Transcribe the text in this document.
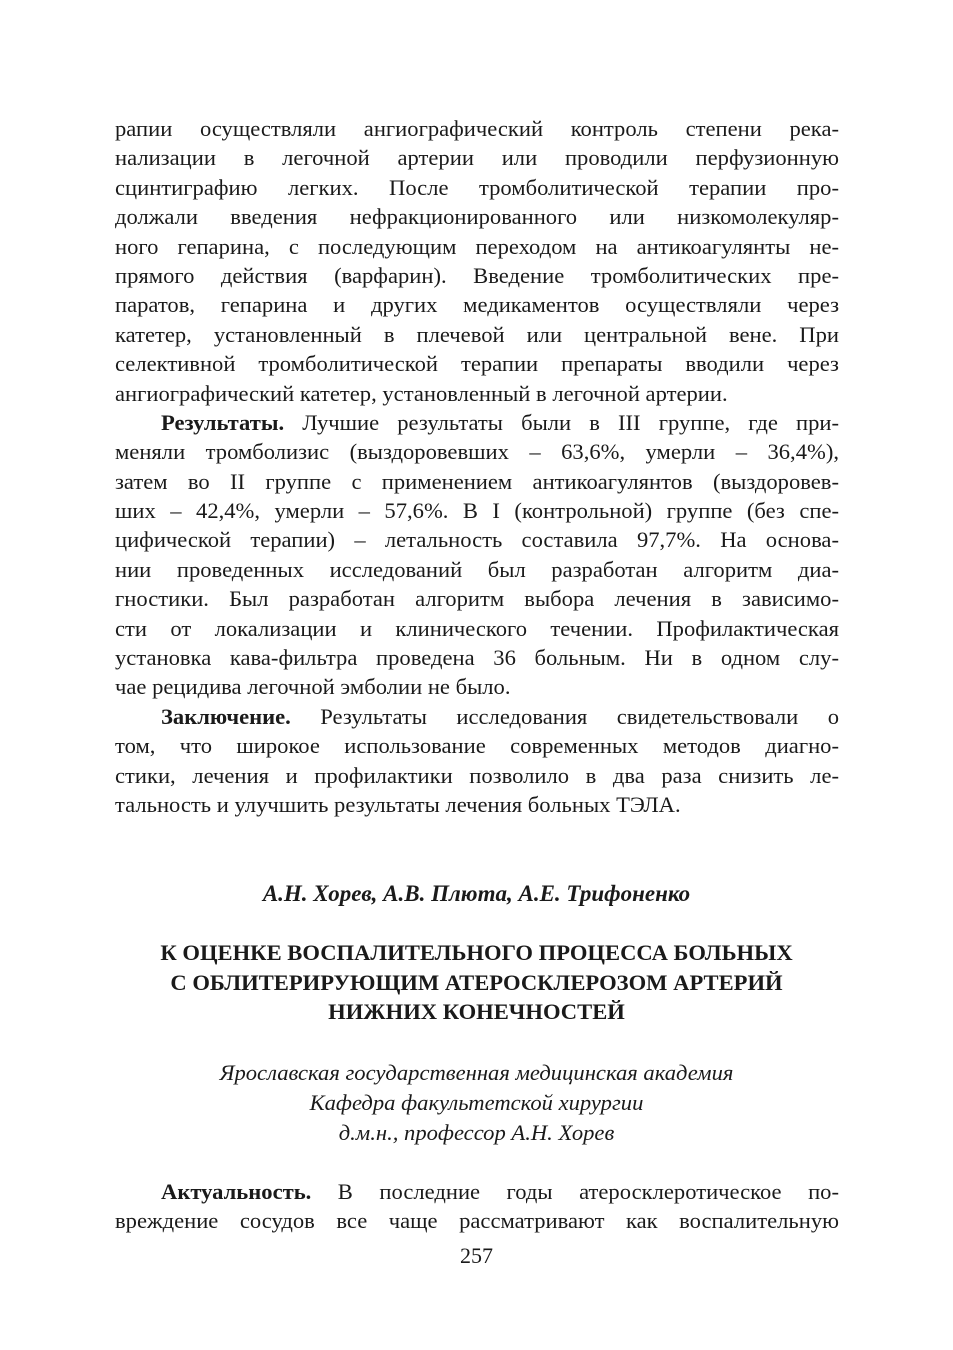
рапии осуществляли ангиографический контроль степени река-
нализации в легочной артерии или проводили перфузионную
сцинтиграфию легких. После тромболитической терапии про-
должали введения нефракционированного или низкомолекуляр-
ного гепарина, с последующим переходом на антикоагулянты не-
прямого действия (варфарин). Введение тромболитических пре-
паратов, гепарина и других медикаментов осуществляли через
катетер, установленный в плечевой или центральной вене. При
селективной тромболитической терапии препараты вводили через
ангиографический катетер, установленный в легочной артерии.
Результаты. Лучшие результаты были в III группе, где при-
меняли тромболизис (выздоровевших – 63,6%, умерли – 36,4%),
затем во II группе с применением антикоагулянтов (выздоровев-
ших – 42,4%, умерли – 57,6%. В I (контрольной) группе (без спе-
цифической терапии) – летальность составила 97,7%. На основа-
нии проведенных исследований был разработан алгоритм диа-
гностики. Был разработан алгоритм выбора лечения в зависимо-
сти от локализации и клинического течении. Профилактическая
установка кава-фильтра проведена 36 больным. Ни в одном слу-
чае рецидива легочной эмболии не было.
Заключение. Результаты исследования свидетельствовали о
том, что широкое использование современных методов диагно-
стики, лечения и профилактики позволило в два раза снизить ле-
тальность и улучшить результаты лечения больных ТЭЛА.
А.Н. Хорев, А.В. Плюта, А.Е. Трифоненко
К ОЦЕНКЕ ВОСПАЛИТЕЛЬНОГО ПРОЦЕССА БОЛЬНЫХ
С ОБЛИТЕРИРУЮЩИМ АТЕРОСКЛЕРОЗОМ АРТЕРИЙ
НИЖНИХ КОНЕЧНОСТЕЙ
Ярославская государственная медицинская академия
Кафедра факультетской хирургии
д.м.н., профессор А.Н. Хорев
Актуальность. В последние годы атеросклеротическое по-
вреждение сосудов все чаще рассматривают как воспалительную
257
